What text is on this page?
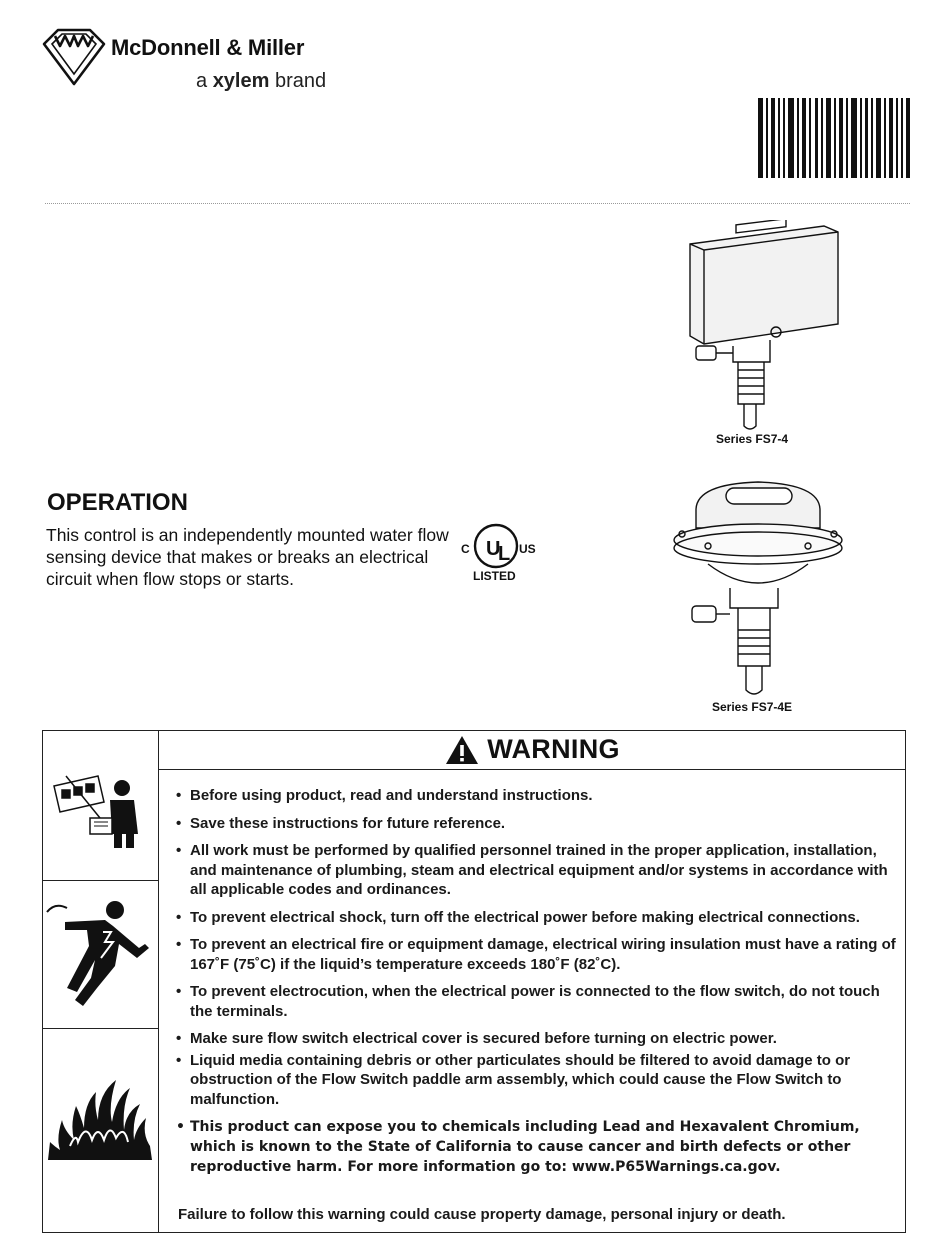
McDonnell & Miller
a xylem brand
Series FS7-4
Series FS7-4E
OPERATION
This control is an independently mounted water flow sensing device that makes or breaks an electrical circuit when flow stops or starts.
U
L
C	US
LISTED
WARNING
• Before using product, read and understand instructions.
• Save these instructions for future reference.
• All work must be performed by qualified personnel trained in the proper application, installation, and maintenance of plumbing, steam and electrical equipment and/or systems in accordance with all applicable codes and ordinances.
• To prevent electrical shock, turn off the electrical power before making electrical connections.
• To prevent an electrical fire or equipment damage, electrical wiring insulation must have a rating of 167˚F (75˚C) if the liquid’s temperature exceeds 180˚F (82˚C).
• To prevent electrocution, when the electrical power is connected to the flow switch, do not touch the terminals.
• Make sure flow switch electrical cover is secured before turning on electric power.
• Liquid media containing debris or other particulates should be filtered to avoid damage to or obstruction of the Flow Switch paddle arm assembly, which could cause the Flow Switch to malfunction.
• This product can expose you to chemicals including Lead and Hexavalent Chromium, which is known to the State of California to cause cancer and birth defects or other reproductive harm. For more information go to: www.P65Warnings.ca.gov.
Failure to follow this warning could cause property damage, personal injury or death.
